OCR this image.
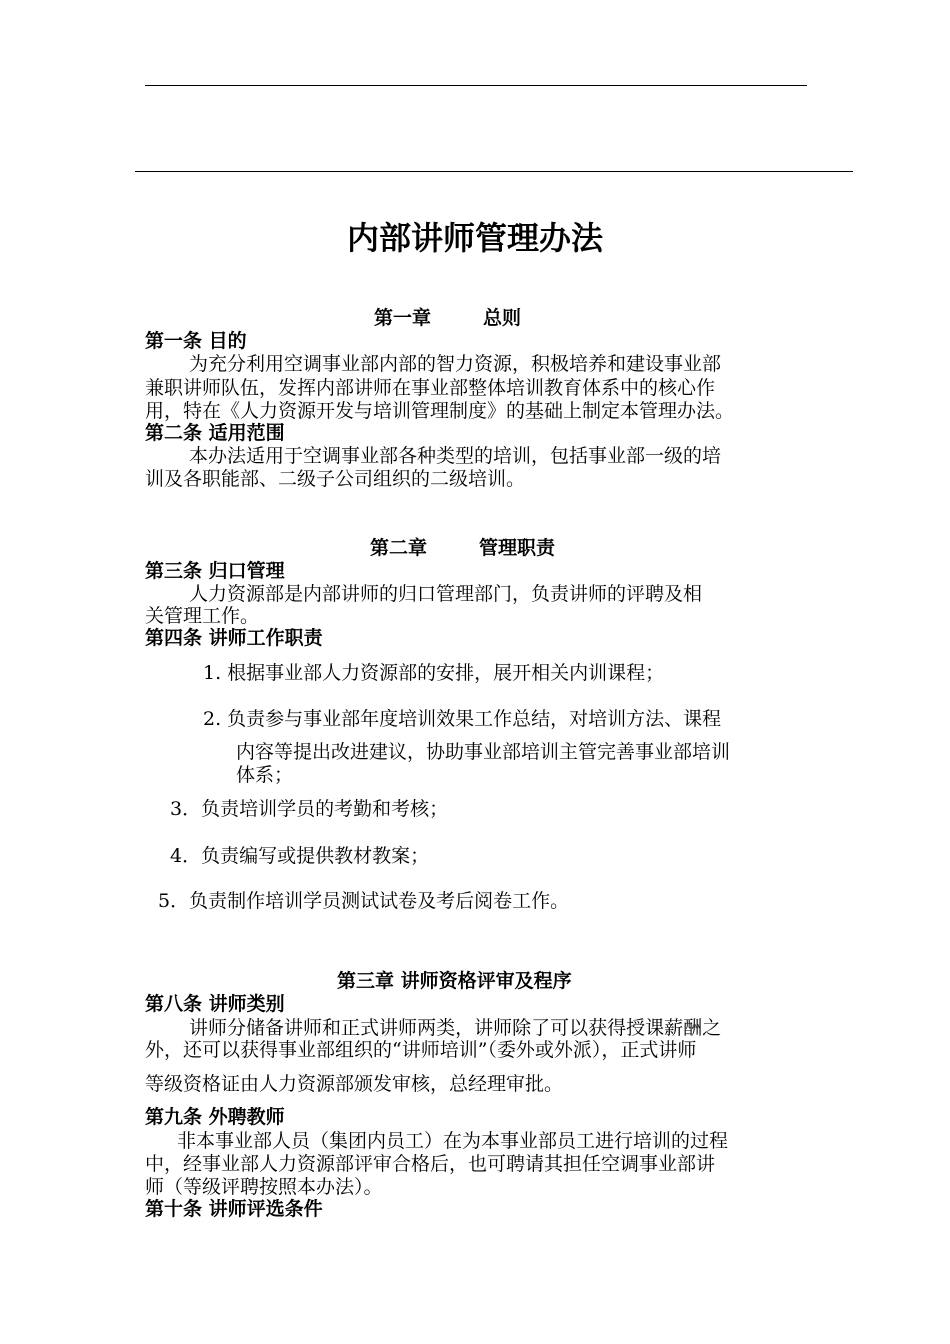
内部讲师管理办法
第一章	总则
第一条 目的
为充分利用空调事业部内部的智力资源，积极培养和建设事业部
兼职讲师队伍，发挥内部讲师在事业部整体培训教育体系中的核心作
用，特在《人力资源开发与培训管理制度》的基础上制定本管理办法。
第二条 适用范围
本办法适用于空调事业部各种类型的培训，包括事业部一级的培
训及各职能部、二级子公司组织的二级培训。
第二章	管理职责
第三条 归口管理
人力资源部是内部讲师的归口管理部门，负责讲师的评聘及相
关管理工作。
第四条 讲师工作职责
1. 根据事业部人力资源部的安排，展开相关内训课程；
2. 负责参与事业部年度培训效果工作总结，对培训方法、课程
内容等提出改进建议，协助事业部培训主管完善事业部培训
体系；
3．负责培训学员的考勤和考核；
4．负责编写或提供教材教案；
5．负责制作培训学员测试试卷及考后阅卷工作。
第三章 讲师资格评审及程序
第八条 讲师类别
讲师分储备讲师和正式讲师两类，讲师除了可以获得授课薪酬之
外，还可以获得事业部组织的“讲师培训”（委外或外派），正式讲师
等级资格证由人力资源部颁发审核，总经理审批。
第九条 外聘教师
非本事业部人员（集团内员工）在为本事业部员工进行培训的过程
中，经事业部人力资源部评审合格后，也可聘请其担任空调事业部讲
师（等级评聘按照本办法）。
第十条 讲师评选条件
